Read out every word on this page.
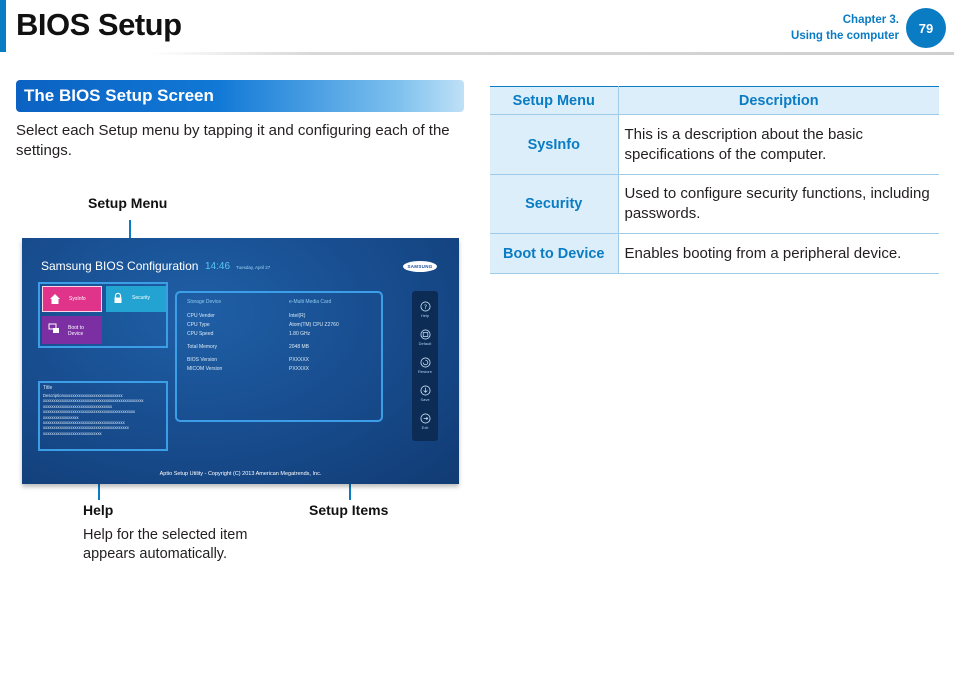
BIOS Setup	Chapter 3.
Using the computer
79
The BIOS Setup Screen

Select each Setup menu by tapping it and configuring each of the settings.

Setup Menu
Help	Setup Items

Help for the selected item appears automatically.

Samsung BIOS Configuration 14:46 Tuesday, April 27	SAMSUNG
SysInfo	Security
Boot to Device
Title
Descriptionxxxxxxxxxxxxxxxxxxxxxxxxxxxx
xxxxxxxxxxxxxxxxxxxxxxxxxxxxxxxxxxxxxxxxxxxxxxxx
xxxxxxxxxxxxxxxxxxxxxxxxxxxxxxxxx
xxxxxxxxxxxxxxxxxxxxxxxxxxxxxxxxxxxxxxxxxxxx
xxxxxxxxxxxxxxxxx
xxxxxxxxxxxxxxxxxxxxxxxxxxxxxxxxxxxxxxx
xxxxxxxxxxxxxxxxxxxxxxxxxxxxxxxxxxxxxxxxx
xxxxxxxxxxxxxxxxxxxxxxxxxxxx
Storage Device	e-Multi Media Card
CPU Vender	Intel(R)
CPU Type	Atom(TM) CPU Z2760
CPU Speed	1.80 GHz
Total Memory	2048 MB
BIOS Version	PXXXXX
MICOM Version	PXXXXX
?
Help
Default
Restore
Save
Exit
Aptio Setup Utility - Copyright (C) 2013 American Megatrends, Inc.
Setup Menu	Description
SysInfo	This is a description about the basic specifications of the computer.
Security	Used to configure security functions, including passwords.
Boot to Device	Enables booting from a peripheral device.
